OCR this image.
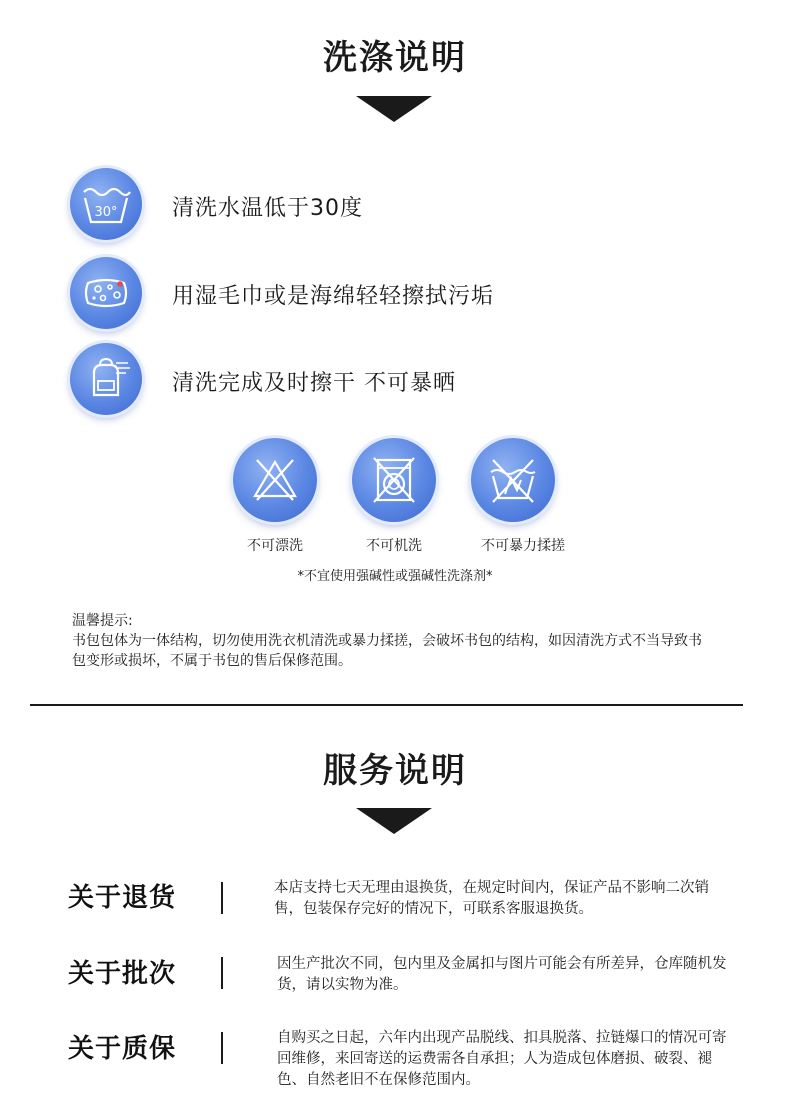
洗涤说明
30° 清洗水温低于30度
用湿毛巾或是海绵轻轻擦拭污垢
清洗完成及时擦干 不可暴晒
不可漂洗	不可机洗	不可暴力揉搓
*不宜使用强碱性或强碱性洗涤剂*
温馨提示:
书包包体为一体结构，切勿使用洗衣机清洗或暴力揉搓，会破坏书包的结构，如因清洗方式不当导致书包变形或损坏，不属于书包的售后保修范围。
服务说明
关于退货	本店支持七天无理由退换货，在规定时间内，保证产品不影响二次销售，包装保存完好的情况下，可联系客服退换货。
关于批次	因生产批次不同，包内里及金属扣与图片可能会有所差异，仓库随机发货，请以实物为准。
关于质保	自购买之日起，六年内出现产品脱线、扣具脱落、拉链爆口的情况可寄回维修，来回寄送的运费需各自承担；人为造成包体磨损、破裂、褪色、自然老旧不在保修范围内。
